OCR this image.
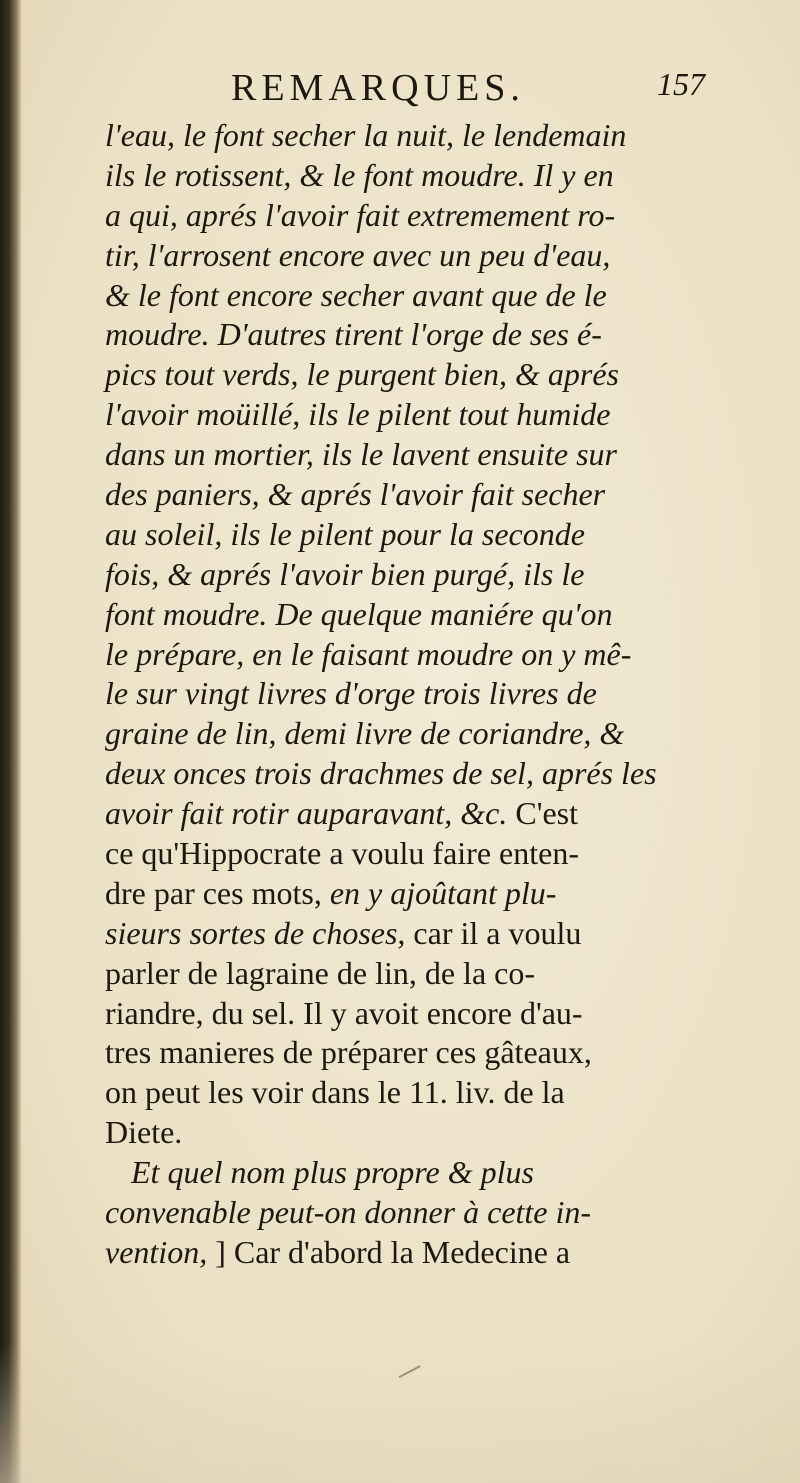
REMARQUES.	157
l'eau, le font secher la nuit, le lendemain
ils le rotissent, & le font moudre. Il y en
a qui, aprés l'avoir fait extremement ro-
tir, l'arrosent encore avec un peu d'eau,
& le font encore secher avant que de le
moudre. D'autres tirent l'orge de ses é-
pics tout verds, le purgent bien, & aprés
l'avoir moüillé, ils le pilent tout humide
dans un mortier, ils le lavent ensuite sur
des paniers, & aprés l'avoir fait secher
au soleil, ils le pilent pour la seconde
fois, & aprés l'avoir bien purgé, ils le
font moudre. De quelque maniére qu'on
le prépare, en le faisant moudre on y mê-
le sur vingt livres d'orge trois livres de
graine de lin, demi livre de coriandre, &
deux onces trois drachmes de sel, aprés les
avoir fait rotir auparavant, &c. C'est
ce qu'Hippocrate a voulu faire enten-
dre par ces mots, en y ajoûtant plu-
sieurs sortes de choses, car il a voulu
parler de lagraine de lin, de la co-
riandre, du sel. Il y avoit encore d'au-
tres manieres de préparer ces gâteaux,
on peut les voir dans le 11. liv. de la
Diete.
Et quel nom plus propre & plus
convenable peut-on donner à cette in-
vention, ] Car d'abord la Medecine a
